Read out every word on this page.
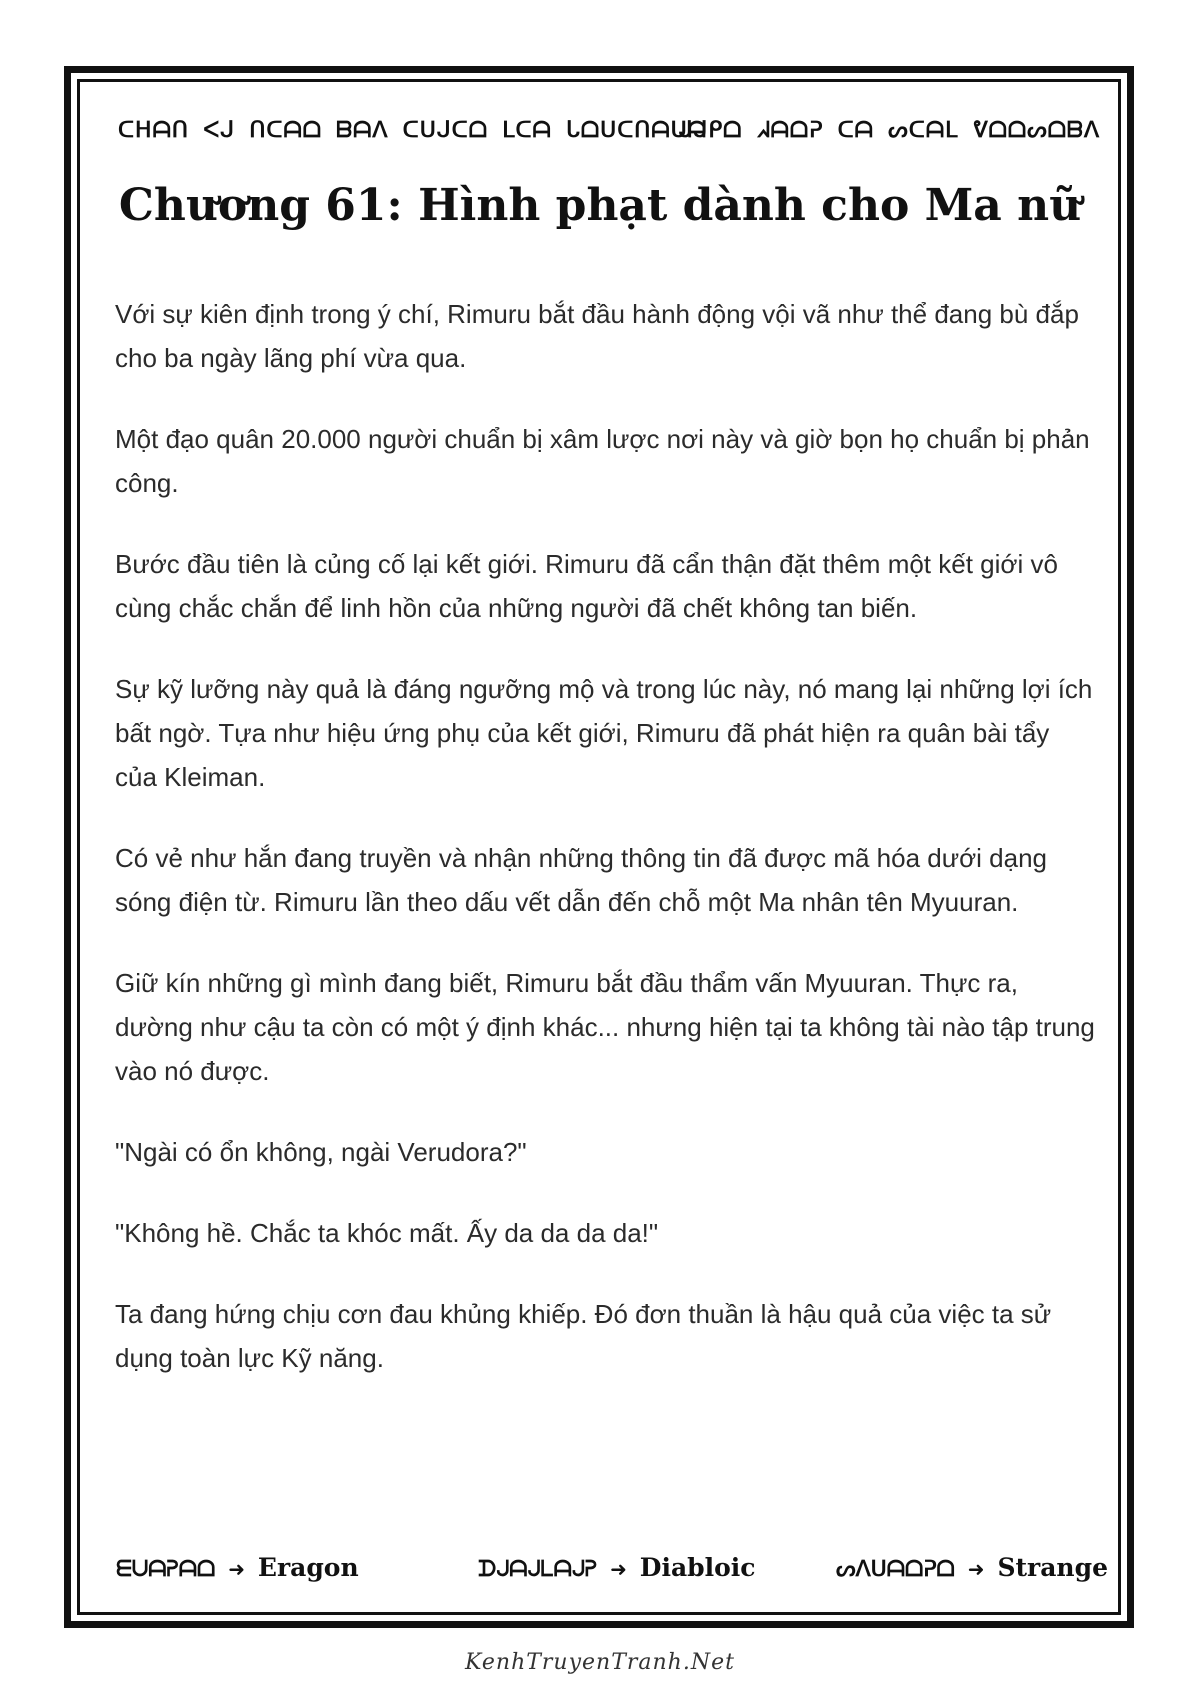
ᑕᕼᗩᑎ ᐸᒍ ᑎᑕᗩᗝ ᗷᗩᐱ ᑕᑌᒍᑕᗝ ᒪᑕᗩ ᒐᗝᑌᑕᑎᗩᑌᗩ
ᒍᒍᑭᗝ ᖽᗩᗝᕈ ᑕᗩ ᔕᑕᗩᒪ ᕓᗝᗝᔕᗝᗷᐱ
Chương 61: Hình phạt dành cho Ma nữ

Với sự kiên định trong ý chí, Rimuru bắt đầu hành động vội vã như thể đang bù đắp cho ba ngày lãng phí vừa qua.

Một đạo quân 20.000 người chuẩn bị xâm lược nơi này và giờ bọn họ chuẩn bị phản công.

Bước đầu tiên là củng cố lại kết giới. Rimuru đã cẩn thận đặt thêm một kết giới vô cùng chắc chắn để linh hồn của những người đã chết không tan biến.

Sự kỹ lưỡng này quả là đáng ngưỡng mộ và trong lúc này, nó mang lại những lợi ích bất ngờ. Tựa như hiệu ứng phụ của kết giới, Rimuru đã phát hiện ra quân bài tẩy của Kleiman.

Có vẻ như hắn đang truyền và nhận những thông tin đã được mã hóa dưới dạng sóng điện từ. Rimuru lần theo dấu vết dẫn đến chỗ một Ma nhân tên Myuuran.

Giữ kín những gì mình đang biết, Rimuru bắt đầu thẩm vấn Myuuran. Thực ra, dường như cậu ta còn có một ý định khác... nhưng hiện tại ta không tài nào tập trung vào nó được.

"Ngài có ổn không, ngài Verudora?"

"Không hề. Chắc ta khóc mất. Ấy da da da da!"

Ta đang hứng chịu cơn đau khủng khiếp. Đó đơn thuần là hậu quả của việc ta sử dụng toàn lực Kỹ năng.

ᗴᑌᗩᕈᗩᗝ ➜ Eragon	ᗪᒍᗩᒍᒪᗩᒍᕈ ➜ Diabloic	ᔕᐱᑌᗩᗝᕈᗝ ➜ Strange
KenhTruyenTranh.Net
